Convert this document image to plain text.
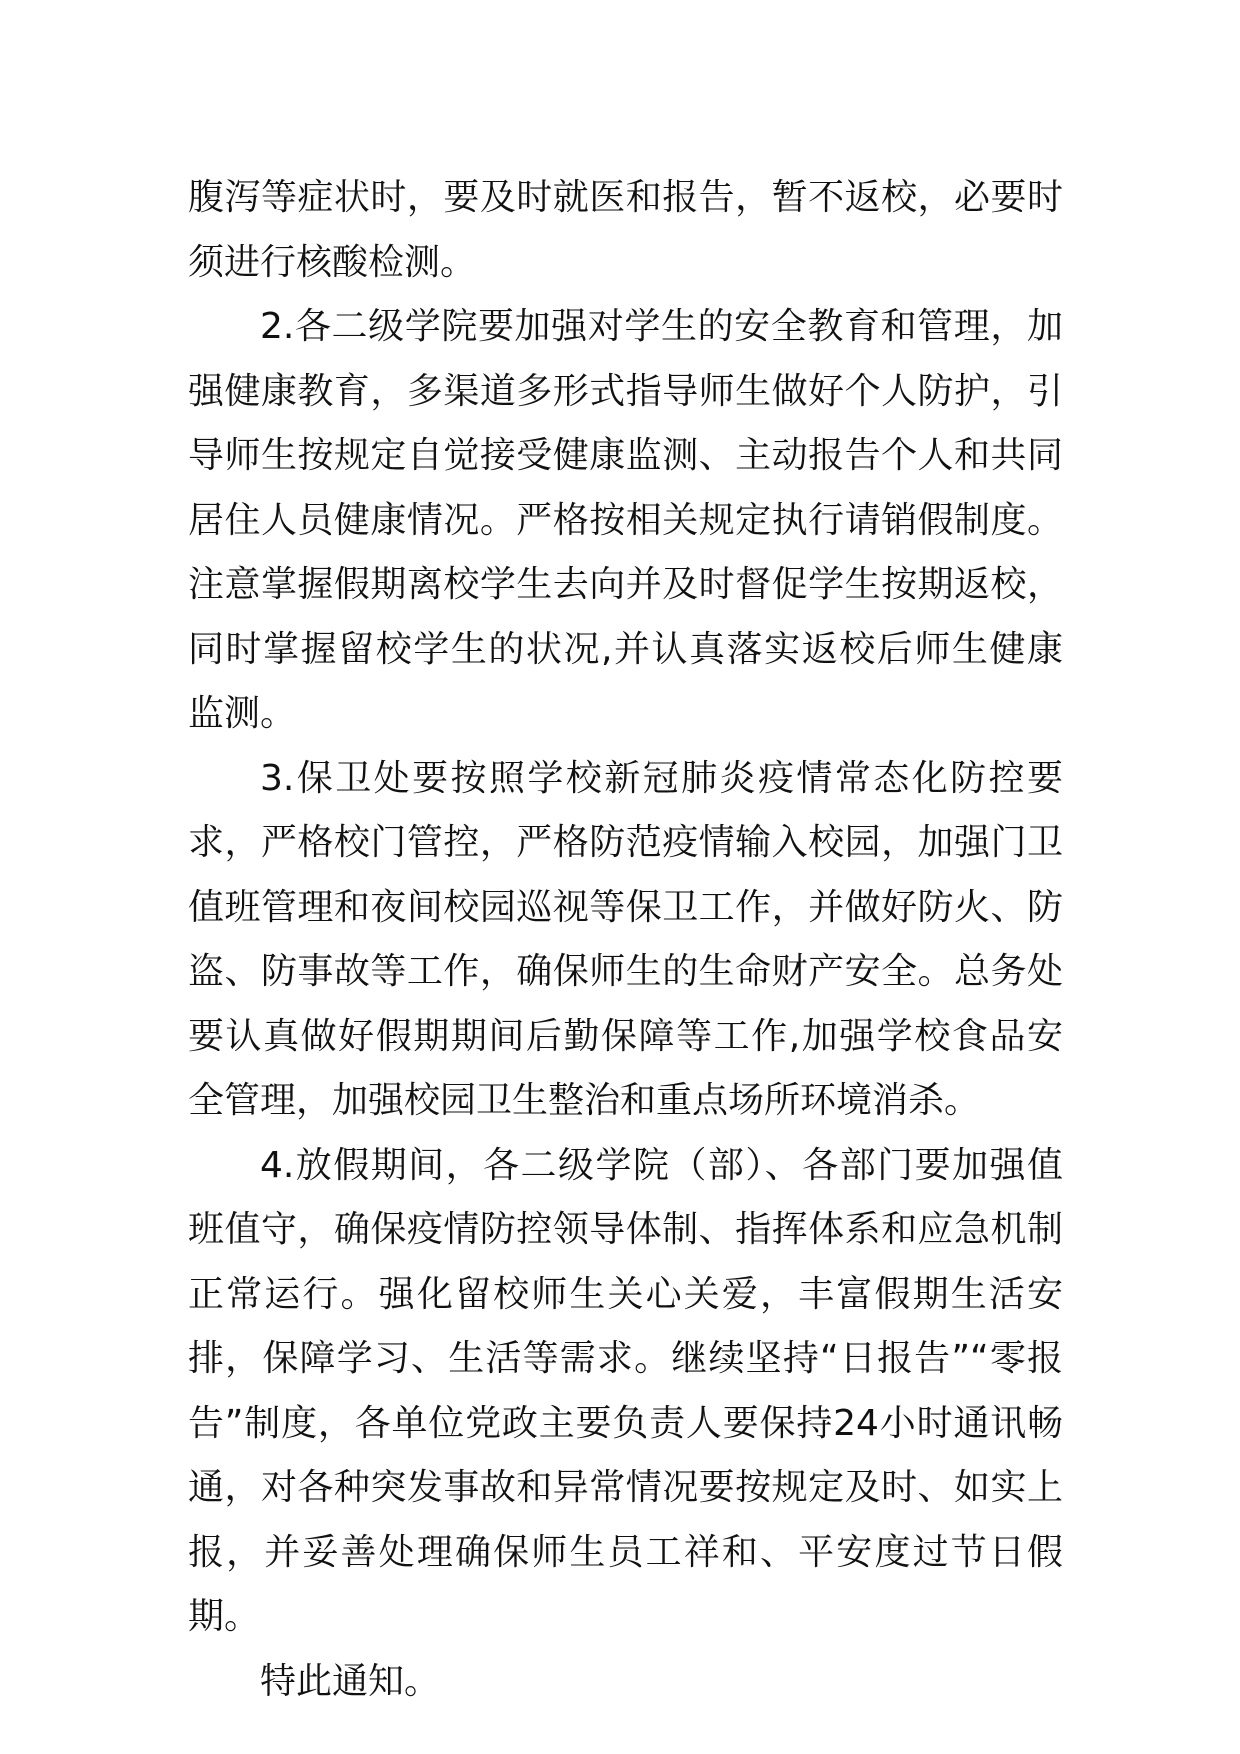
腹泻等症状时，要及时就医和报告，暂不返校，必要时须进行核酸检测。

2.各二级学院要加强对学生的安全教育和管理，加强健康教育，多渠道多形式指导师生做好个人防护，引导师生按规定自觉接受健康监测、主动报告个人和共同居住人员健康情况。严格按相关规定执行请销假制度。注意掌握假期离校学生去向并及时督促学生按期返校，同时掌握留校学生的状况,并认真落实返校后师生健康监测。

3.保卫处要按照学校新冠肺炎疫情常态化防控要求，严格校门管控，严格防范疫情输入校园，加强门卫值班管理和夜间校园巡视等保卫工作，并做好防火、防盗、防事故等工作，确保师生的生命财产安全。总务处要认真做好假期期间后勤保障等工作,加强学校食品安全管理，加强校园卫生整治和重点场所环境消杀。

4.放假期间，各二级学院（部）、各部门要加强值班值守，确保疫情防控领导体制、指挥体系和应急机制正常运行。强化留校师生关心关爱，丰富假期生活安排，保障学习、生活等需求。继续坚持“日报告”“零报告”制度，各单位党政主要负责人要保持24小时通讯畅通，对各种突发事故和异常情况要按规定及时、如实上报，并妥善处理确保师生员工祥和、平安度过节日假期。

特此通知。
